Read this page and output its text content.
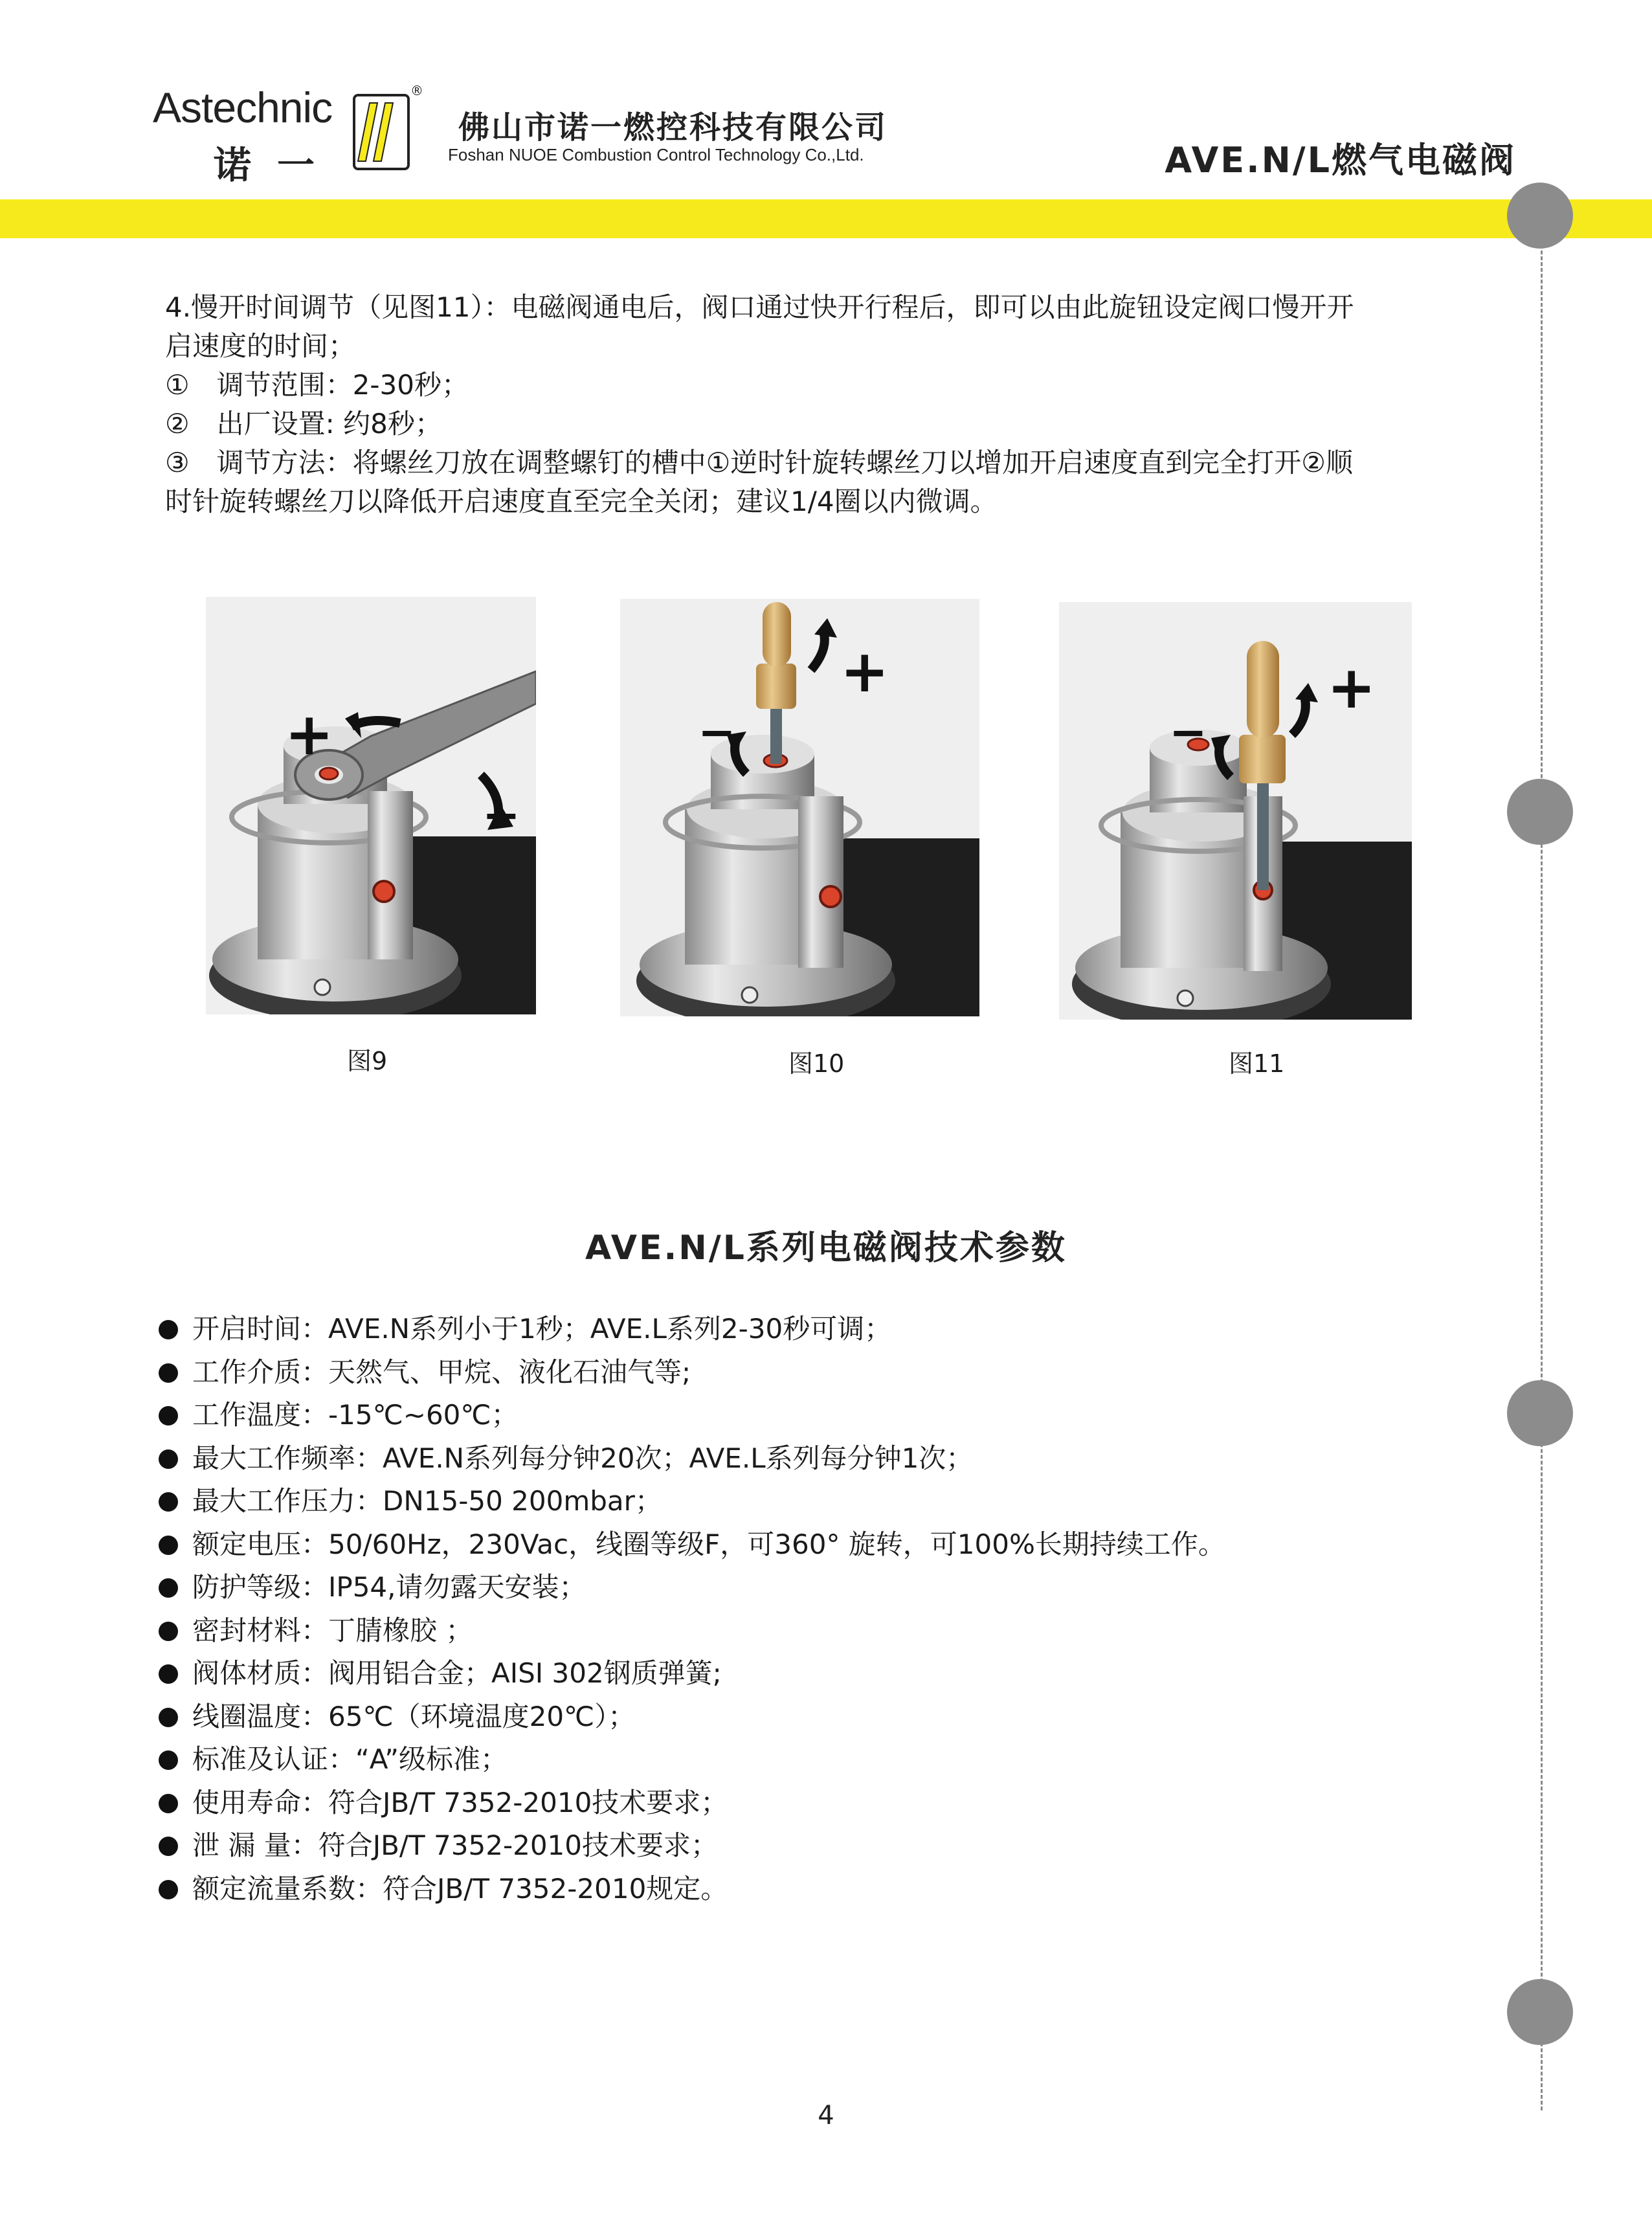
Astechnic
诺一
®
佛山市诺一燃控科技有限公司
Foshan NUOE Combustion Control Technology Co.,Ltd.	AVE.N/L燃气电磁阀
4.慢开时间调节（见图11）：电磁阀通电后，阀口通过快开行程后，即可以由此旋钮设定阀口慢开开
启速度的时间；
①　调节范围：2-30秒；
②　出厂设置: 约8秒；
③　调节方法：将螺丝刀放在调整螺钉的槽中①逆时针旋转螺丝刀以增加开启速度直到完全打开②顺
时针旋转螺丝刀以降低开启速度直至完全关闭；建议1/4圈以内微调。
+
−
图9
+
−
图10
+
−
图11
AVE.N/L系列电磁阀技术参数
开启时间：AVE.N系列小于1秒；AVE.L系列2-30秒可调；
工作介质：天然气、甲烷、液化石油气等;
工作温度：-15℃~60℃；
最大工作频率：AVE.N系列每分钟20次；AVE.L系列每分钟1次；
最大工作压力：DN15-50 200mbar；
额定电压：50/60Hz，230Vac，线圈等级F，可360° 旋转，可100%长期持续工作。
防护等级：IP54,请勿露天安装；
密封材料：丁腈橡胶 ；
阀体材质：阀用铝合金；AISI 302钢质弹簧;
线圈温度：65℃（环境温度20℃）；
标准及认证：“A”级标准；
使用寿命：符合JB/T 7352-2010技术要求；
泄 漏 量：符合JB/T 7352-2010技术要求；
额定流量系数：符合JB/T 7352-2010规定。
4
